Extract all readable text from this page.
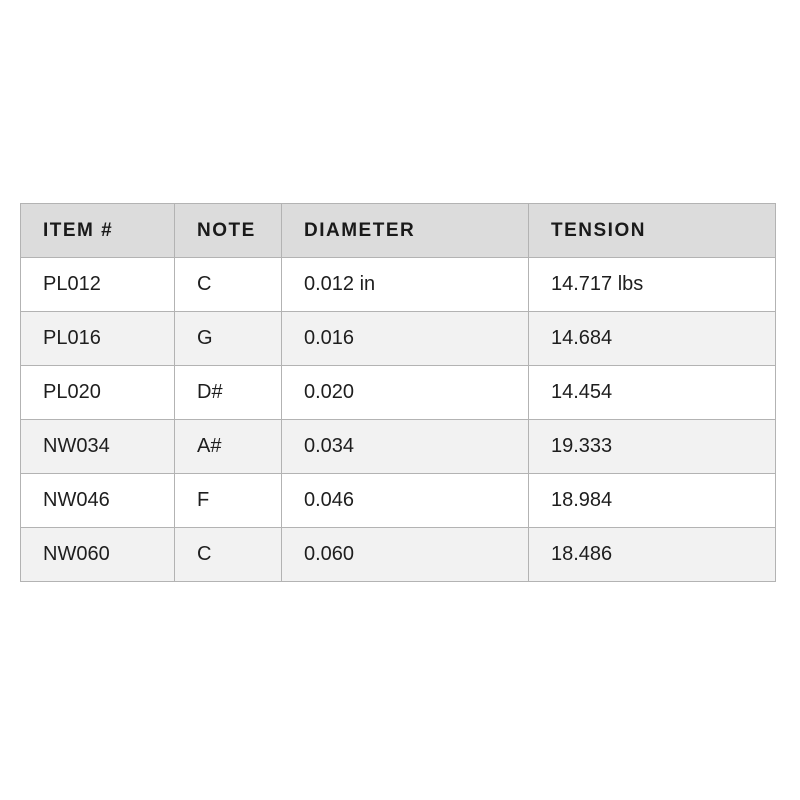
ITEM #	NOTE	DIAMETER	TENSION
PL012	C	0.012 in	14.717 lbs
PL016	G	0.016	14.684
PL020	D#	0.020	14.454
NW034	A#	0.034	19.333
NW046	F	0.046	18.984
NW060	C	0.060	18.486
